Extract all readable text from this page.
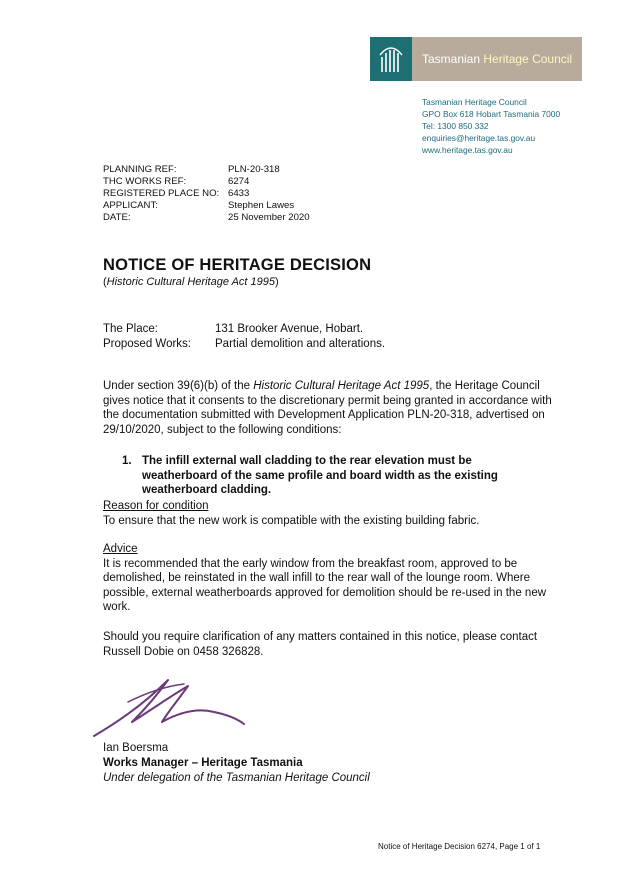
Tasmanian Heritage Council
Tasmanian Heritage Council
GPO Box 618 Hobart Tasmania 7000
Tel: 1300 850 332
enquiries@heritage.tas.gov.au
www.heritage.tas.gov.au
PLANNING REF:	PLN-20-318
THC WORKS REF:	6274
REGISTERED PLACE NO: 6433
APPLICANT:	Stephen Lawes
DATE:	25 November 2020
NOTICE OF HERITAGE DECISION
(Historic Cultural Heritage Act 1995)
The Place:	131 Brooker Avenue, Hobart.
Proposed Works:	Partial demolition and alterations.
Under section 39(6)(b) of the Historic Cultural Heritage Act 1995, the Heritage Council gives notice that it consents to the discretionary permit being granted in accordance with the documentation submitted with Development Application PLN-20-318, advertised on 29/10/2020, subject to the following conditions:
1. The infill external wall cladding to the rear elevation must be weatherboard of the same profile and board width as the existing weatherboard cladding.
Reason for condition
To ensure that the new work is compatible with the existing building fabric.
Advice
It is recommended that the early window from the breakfast room, approved to be demolished, be reinstated in the wall infill to the rear wall of the lounge room. Where possible, external weatherboards approved for demolition should be re-used in the new work.
Should you require clarification of any matters contained in this notice, please contact Russell Dobie on 0458 326828.
Ian Boersma
Works Manager – Heritage Tasmania
Under delegation of the Tasmanian Heritage Council
Notice of Heritage Decision 6274, Page 1 of 1
